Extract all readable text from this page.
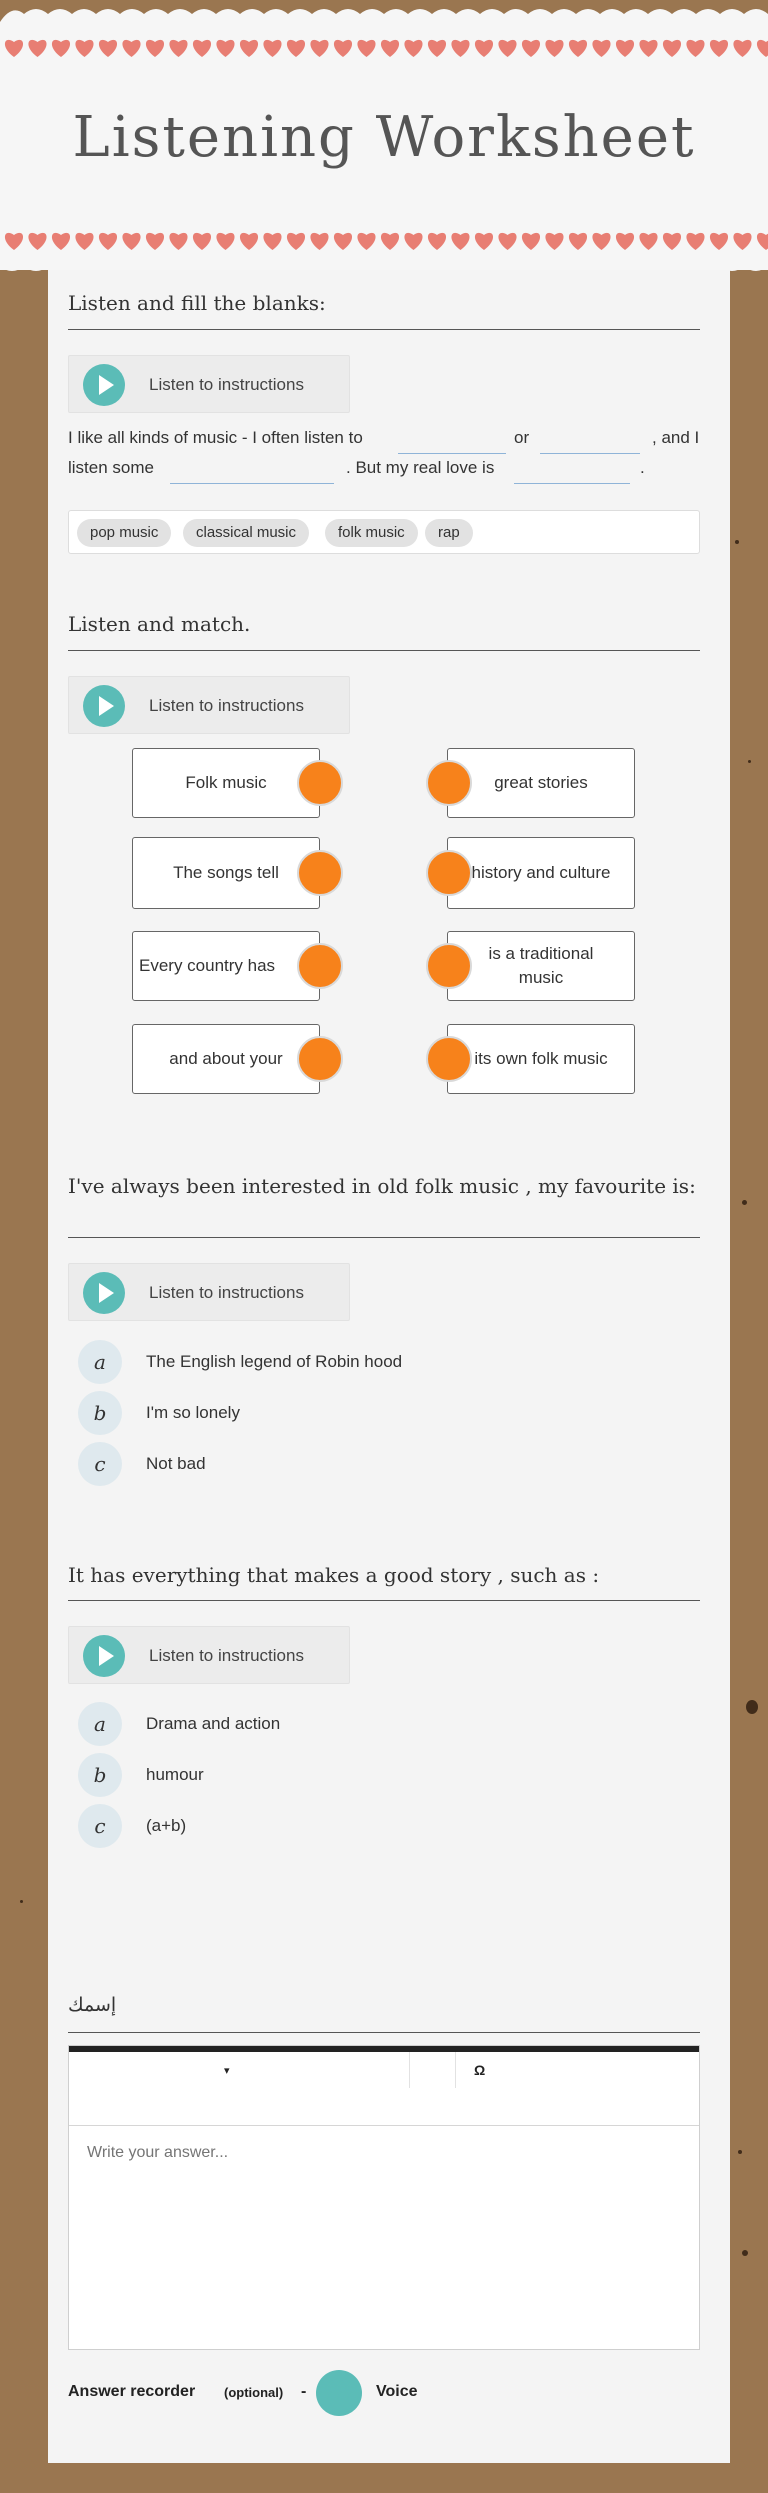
Listening Worksheet
Listen and fill the blanks:
Listen to instructions
I like all kinds of music - I often listen to	or	, and I
listen some	. But my real love is	.
pop music	classical music	folk music	rap
Listen and match.
Listen to instructions
Folk music
The songs tell
Every country has
and about your
great stories
history and culture
is a traditional music
its own folk music
I've always been interested in old folk music , my favourite is:
Listen to instructions
a	The English legend of Robin hood
b	I'm so lonely
c	Not bad
It has everything that makes a good story , such as :
Listen to instructions
a	Drama and action
b	humour
c	(a+b)
إسمك
▾	Ω
Write your answer...
Answer recorder (optional) -	Voice
